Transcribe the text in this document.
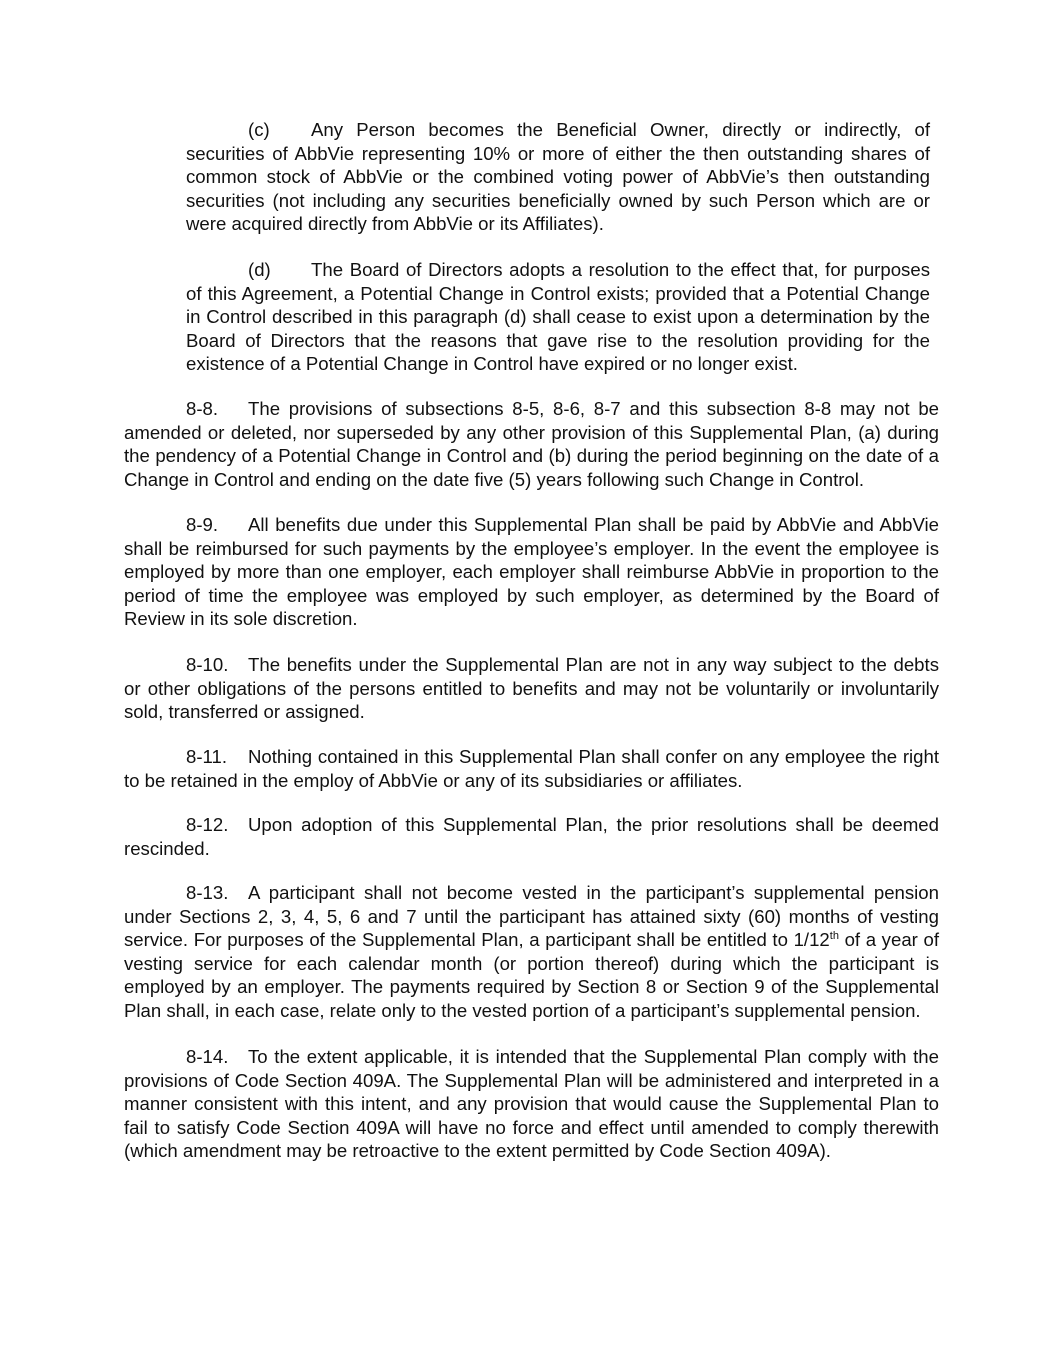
(c) Any Person becomes the Beneficial Owner, directly or indirectly, of securities of AbbVie representing 10% or more of either the then outstanding shares of common stock of AbbVie or the combined voting power of AbbVie’s then outstanding securities (not including any securities beneficially owned by such Person which are or were acquired directly from AbbVie or its Affiliates).

(d) The Board of Directors adopts a resolution to the effect that, for purposes of this Agreement, a Potential Change in Control exists; provided that a Potential Change in Control described in this paragraph (d) shall cease to exist upon a determination by the Board of Directors that the reasons that gave rise to the resolution providing for the existence of a Potential Change in Control have expired or no longer exist.

8-8. The provisions of subsections 8-5, 8-6, 8-7 and this subsection 8-8 may not be amended or deleted, nor superseded by any other provision of this Supplemental Plan, (a) during the pendency of a Potential Change in Control and (b) during the period beginning on the date of a Change in Control and ending on the date five (5) years following such Change in Control.

8-9. All benefits due under this Supplemental Plan shall be paid by AbbVie and AbbVie shall be reimbursed for such payments by the employee’s employer. In the event the employee is employed by more than one employer, each employer shall reimburse AbbVie in proportion to the period of time the employee was employed by such employer, as determined by the Board of Review in its sole discretion.

8-10. The benefits under the Supplemental Plan are not in any way subject to the debts or other obligations of the persons entitled to benefits and may not be voluntarily or involuntarily sold, transferred or assigned.

8-11. Nothing contained in this Supplemental Plan shall confer on any employee the right to be retained in the employ of AbbVie or any of its subsidiaries or affiliates.

8-12. Upon adoption of this Supplemental Plan, the prior resolutions shall be deemed rescinded.

8-13. A participant shall not become vested in the participant’s supplemental pension under Sections 2, 3, 4, 5, 6 and 7 until the participant has attained sixty (60) months of vesting service. For purposes of the Supplemental Plan, a participant shall be entitled to 1/12th of a year of vesting service for each calendar month (or portion thereof) during which the participant is employed by an employer. The payments required by Section 8 or Section 9 of the Supplemental Plan shall, in each case, relate only to the vested portion of a participant’s supplemental pension.

8-14. To the extent applicable, it is intended that the Supplemental Plan comply with the provisions of Code Section 409A. The Supplemental Plan will be administered and interpreted in a manner consistent with this intent, and any provision that would cause the Supplemental Plan to fail to satisfy Code Section 409A will have no force and effect until amended to comply therewith (which amendment may be retroactive to the extent permitted by Code Section 409A).
